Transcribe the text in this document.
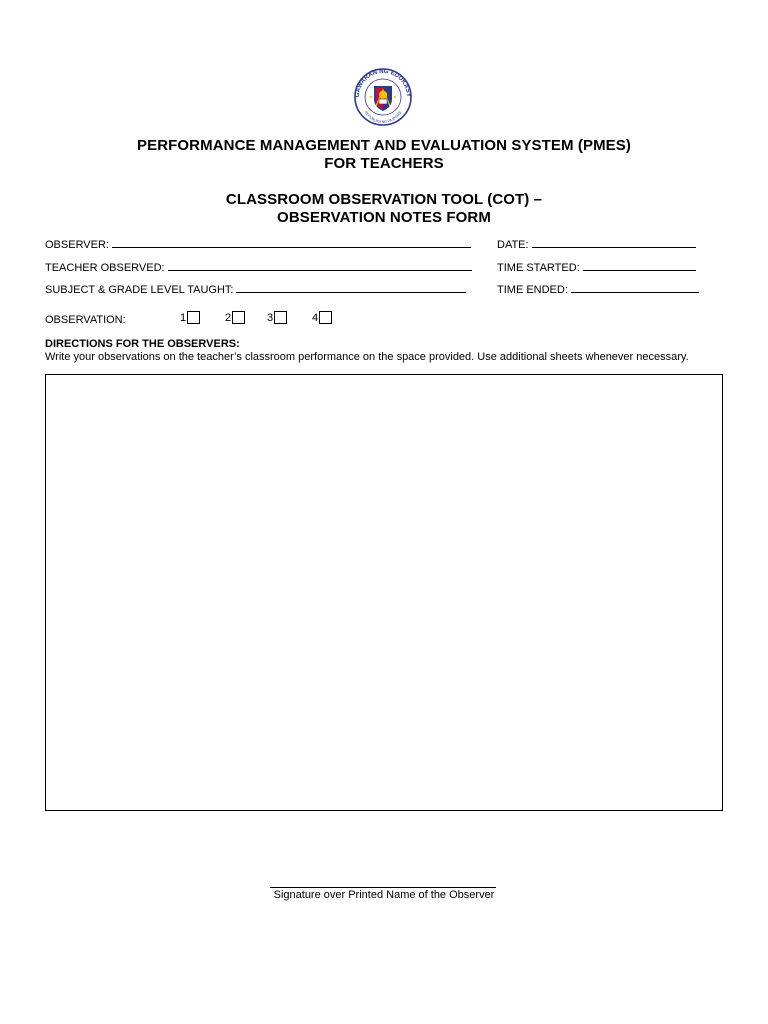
GAWARAN NG EDUKASY
REPUBLIKA NG PILIPINAS
PERFORMANCE MANAGEMENT AND EVALUATION SYSTEM (PMES)
FOR TEACHERS
CLASSROOM OBSERVATION TOOL (COT) –
OBSERVATION NOTES FORM
OBSERVER:	DATE:
TEACHER OBSERVED:	TIME STARTED:
SUBJECT & GRADE LEVEL TAUGHT:	TIME ENDED:
OBSERVATION:	1	2	3	4
DIRECTIONS FOR THE OBSERVERS:
Write your observations on the teacher’s classroom performance on the space provided. Use additional sheets whenever necessary.
Signature over Printed Name of the Observer
